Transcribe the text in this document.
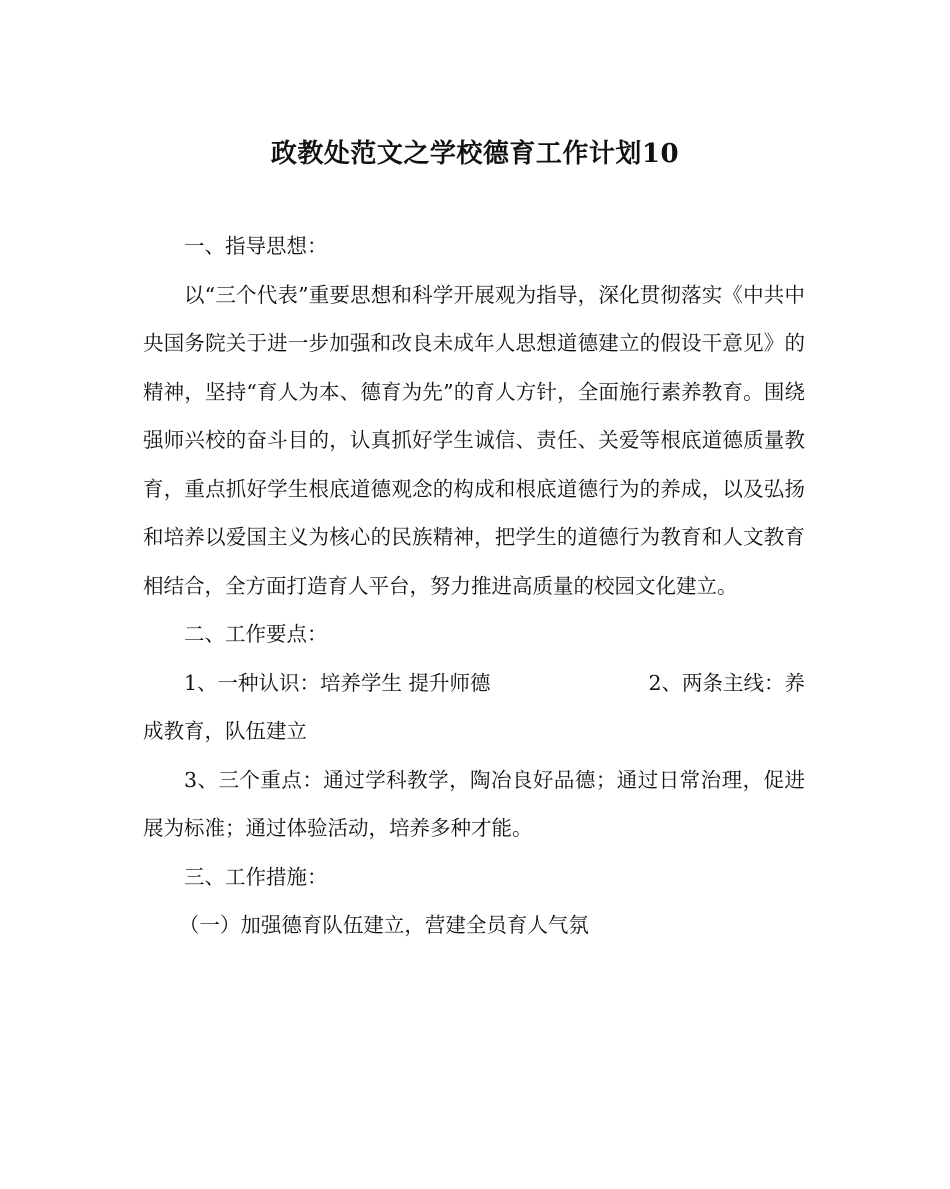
政教处范文之学校德育工作计划10

一、指导思想：

以“三个代表”重要思想和科学开展观为指导，深化贯彻落实《中共中央国务院关于进一步加强和改良未成年人思想道德建立的假设干意见》的精神，坚持“育人为本、德育为先”的育人方针，全面施行素养教育。围绕强师兴校的奋斗目的，认真抓好学生诚信、责任、关爱等根底道德质量教育，重点抓好学生根底道德观念的构成和根底道德行为的养成，以及弘扬和培养以爱国主义为核心的民族精神，把学生的道德行为教育和人文教育相结合，全方面打造育人平台，努力推进高质量的校园文化建立。

二、工作要点：

1、一种认识：培养学生 提升师德	2、两条主线：养

成教育，队伍建立

3、三个重点：通过学科教学，陶冶良好品德；通过日常治理，促进展为标准；通过体验活动，培养多种才能。

三、工作措施：

（一）加强德育队伍建立，营建全员育人气氛
